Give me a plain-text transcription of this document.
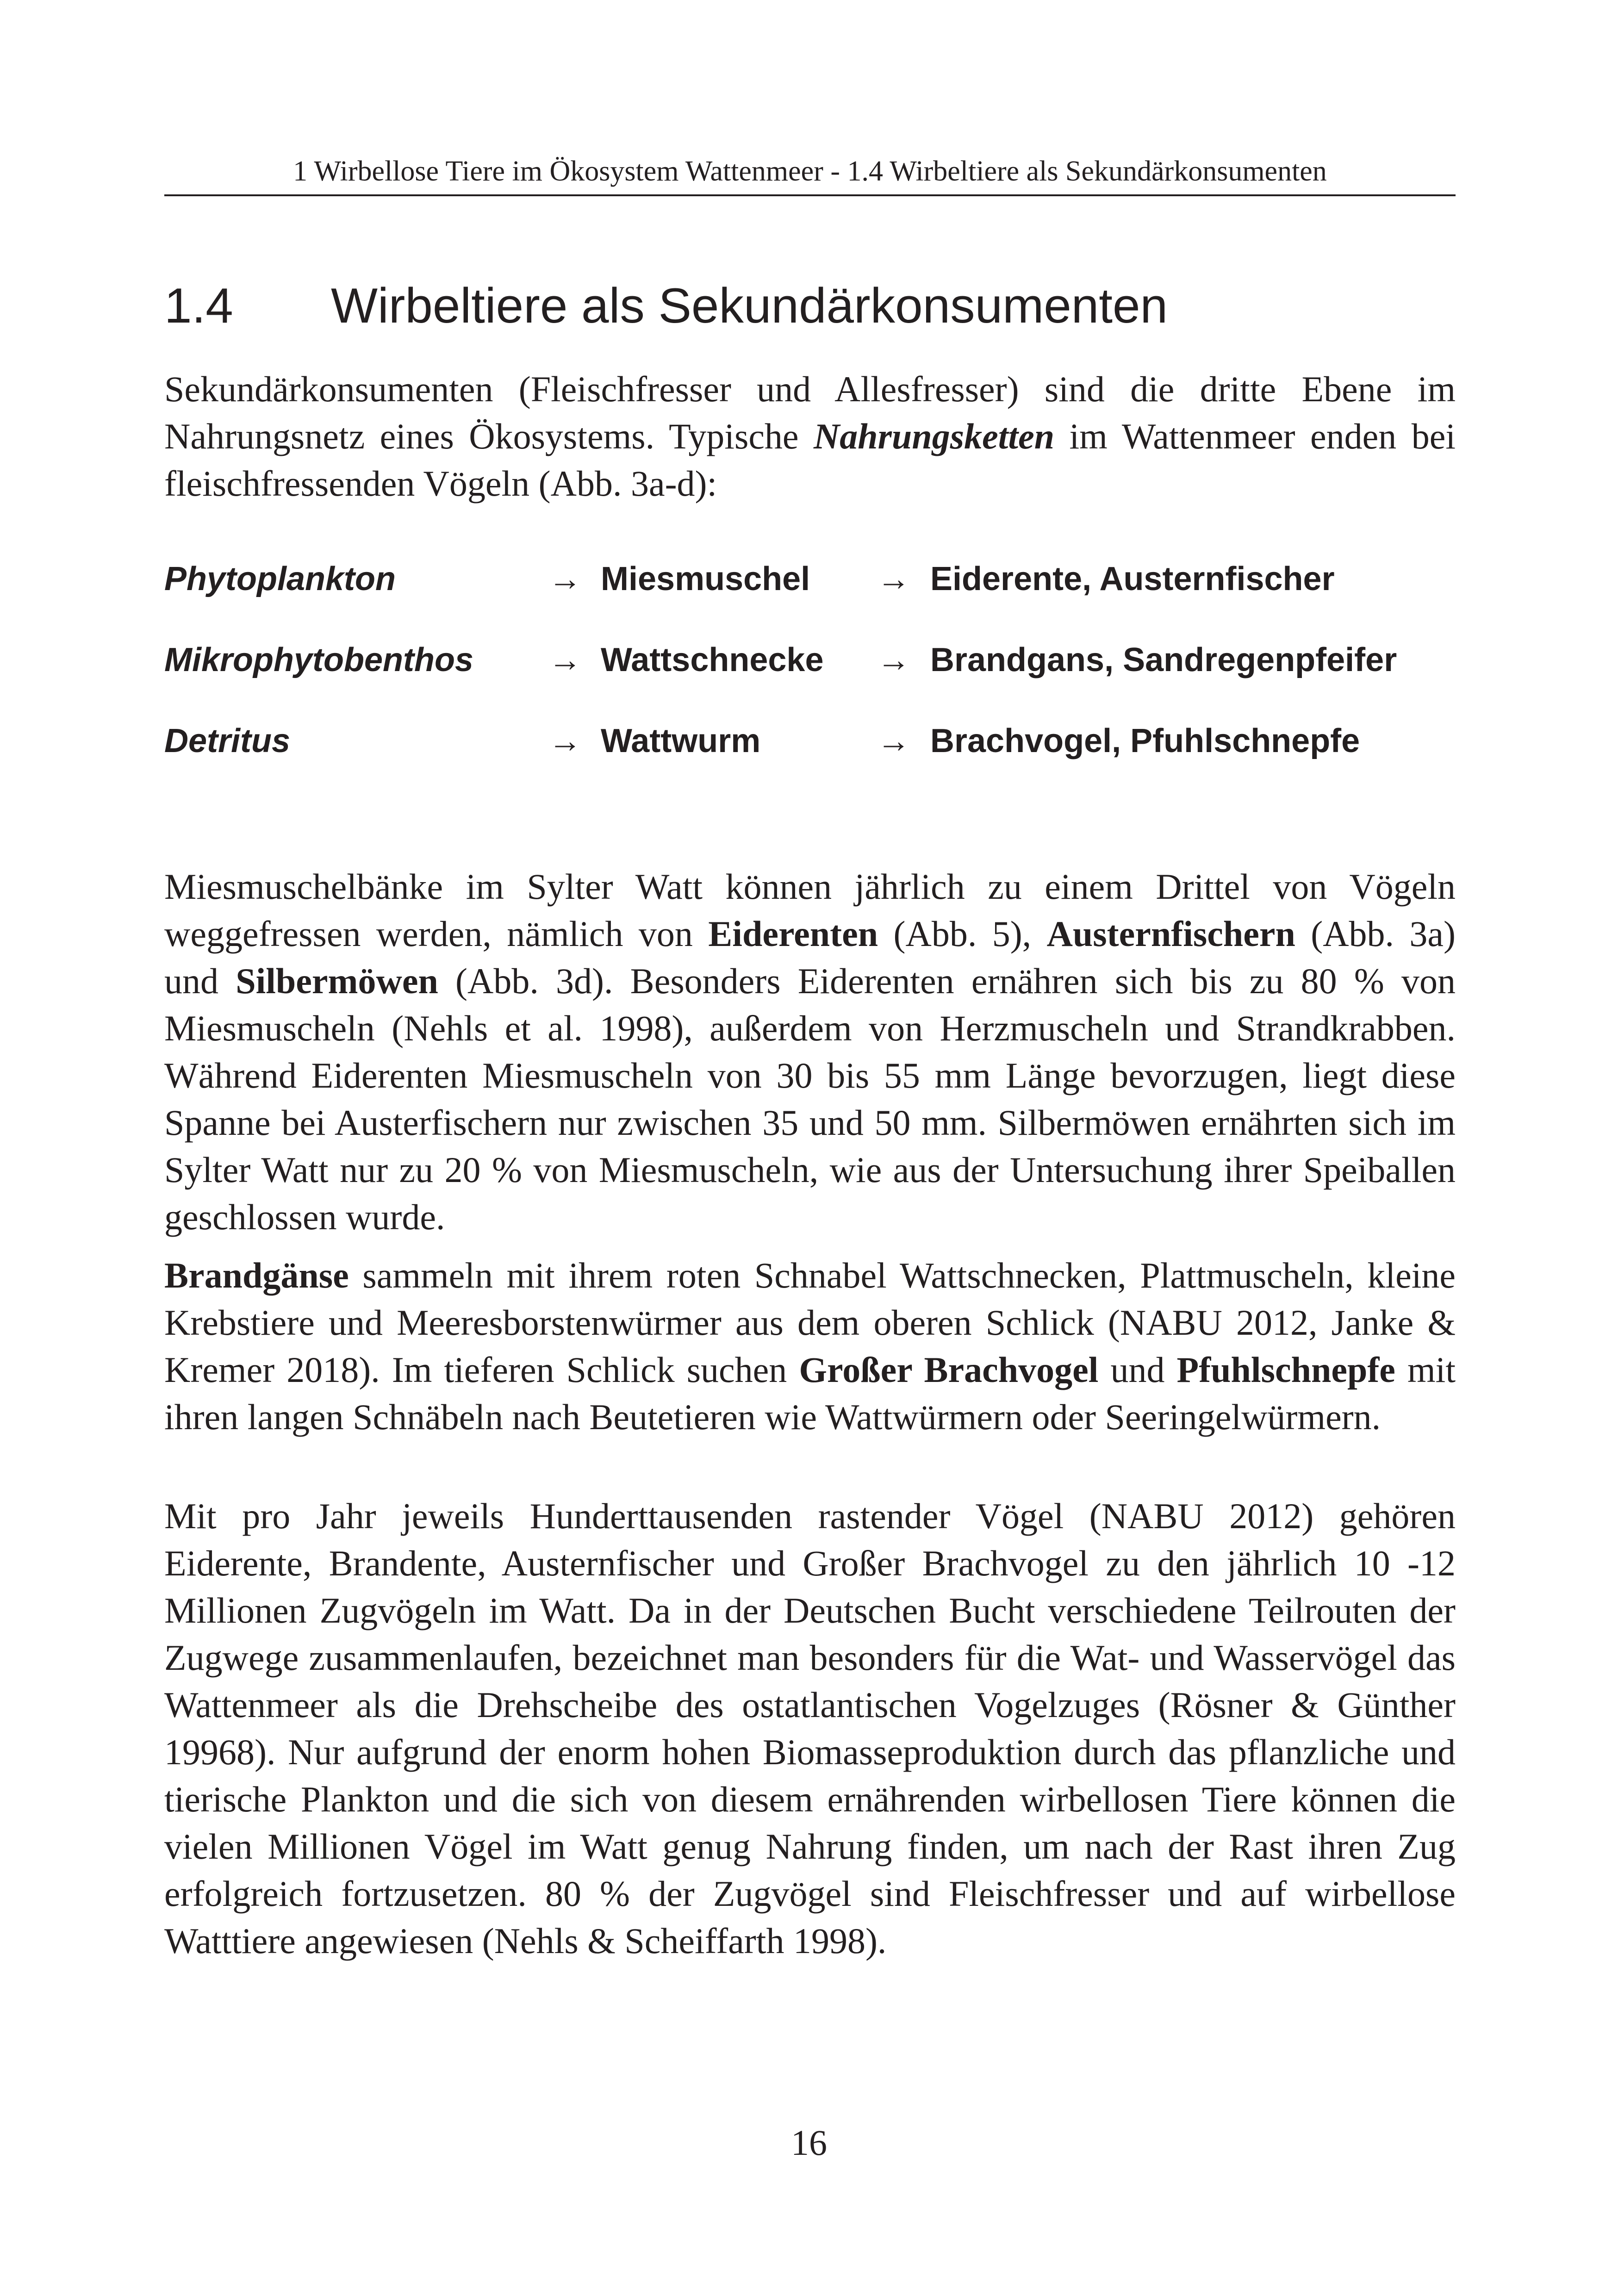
1 Wirbellose Tiere im Ökosystem Wattenmeer - 1.4 Wirbeltiere als Sekundärkonsumenten
1.4 Wirbeltiere als Sekundärkonsumenten

Sekundärkonsumenten (Fleischfresser und Allesfresser) sind die dritte Ebene im Nahrungsnetz eines Ökosystems. Typische Nahrungsketten im Wattenmeer enden bei fleischfressenden Vögeln (Abb. 3a-d):

Phytoplankton	→ Miesmuschel → Eiderente, Austernfischer
Mikrophytobenthos → Wattschnecke → Brandgans, Sandregenpfeifer
Detritus	→ Wattwurm	→ Brachvogel, Pfuhlschnepfe

Miesmuschelbänke im Sylter Watt können jährlich zu einem Drittel von Vögeln weggefressen werden, nämlich von Eiderenten (Abb. 5), Austernfischern (Abb. 3a) und Silbermöwen (Abb. 3d). Besonders Eiderenten ernähren sich bis zu 80 % von Miesmuscheln (Nehls et al. 1998), außerdem von Herzmuscheln und Strandkrabben. Während Eiderenten Miesmuscheln von 30 bis 55 mm Länge bevorzugen, liegt diese Spanne bei Austerfischern nur zwischen 35 und 50 mm. Silbermöwen ernährten sich im Sylter Watt nur zu 20 % von Miesmuscheln, wie aus der Untersuchung ihrer Speiballen geschlossen wurde.

Brandgänse sammeln mit ihrem roten Schnabel Wattschnecken, Plattmuscheln, kleine Krebstiere und Meeresborstenwürmer aus dem oberen Schlick (NABU 2012, Janke & Kremer 2018). Im tieferen Schlick suchen Großer Brachvogel und Pfuhlschnepfe mit ihren langen Schnäbeln nach Beutetieren wie Wattwürmern oder Seeringelwürmern.

Mit pro Jahr jeweils Hunderttausenden rastender Vögel (NABU 2012) gehören Eiderente, Brandente, Austernfischer und Großer Brachvogel zu den jährlich 10 -12 Millionen Zugvögeln im Watt. Da in der Deutschen Bucht verschiedene Teilrouten der Zugwege zusammenlaufen, bezeichnet man besonders für die Wat- und Wasservögel das Wattenmeer als die Drehscheibe des ostatlantischen Vogelzuges (Rösner & Günther 19968). Nur aufgrund der enorm hohen Biomasseproduktion durch das pflanzliche und tierische Plankton und die sich von diesem ernährenden wirbellosen Tiere können die vielen Millionen Vögel im Watt genug Nahrung finden, um nach der Rast ihren Zug erfolgreich fortzusetzen. 80 % der Zugvögel sind Fleischfresser und auf wirbellose Watttiere angewiesen (Nehls & Scheiffarth 1998).

16
